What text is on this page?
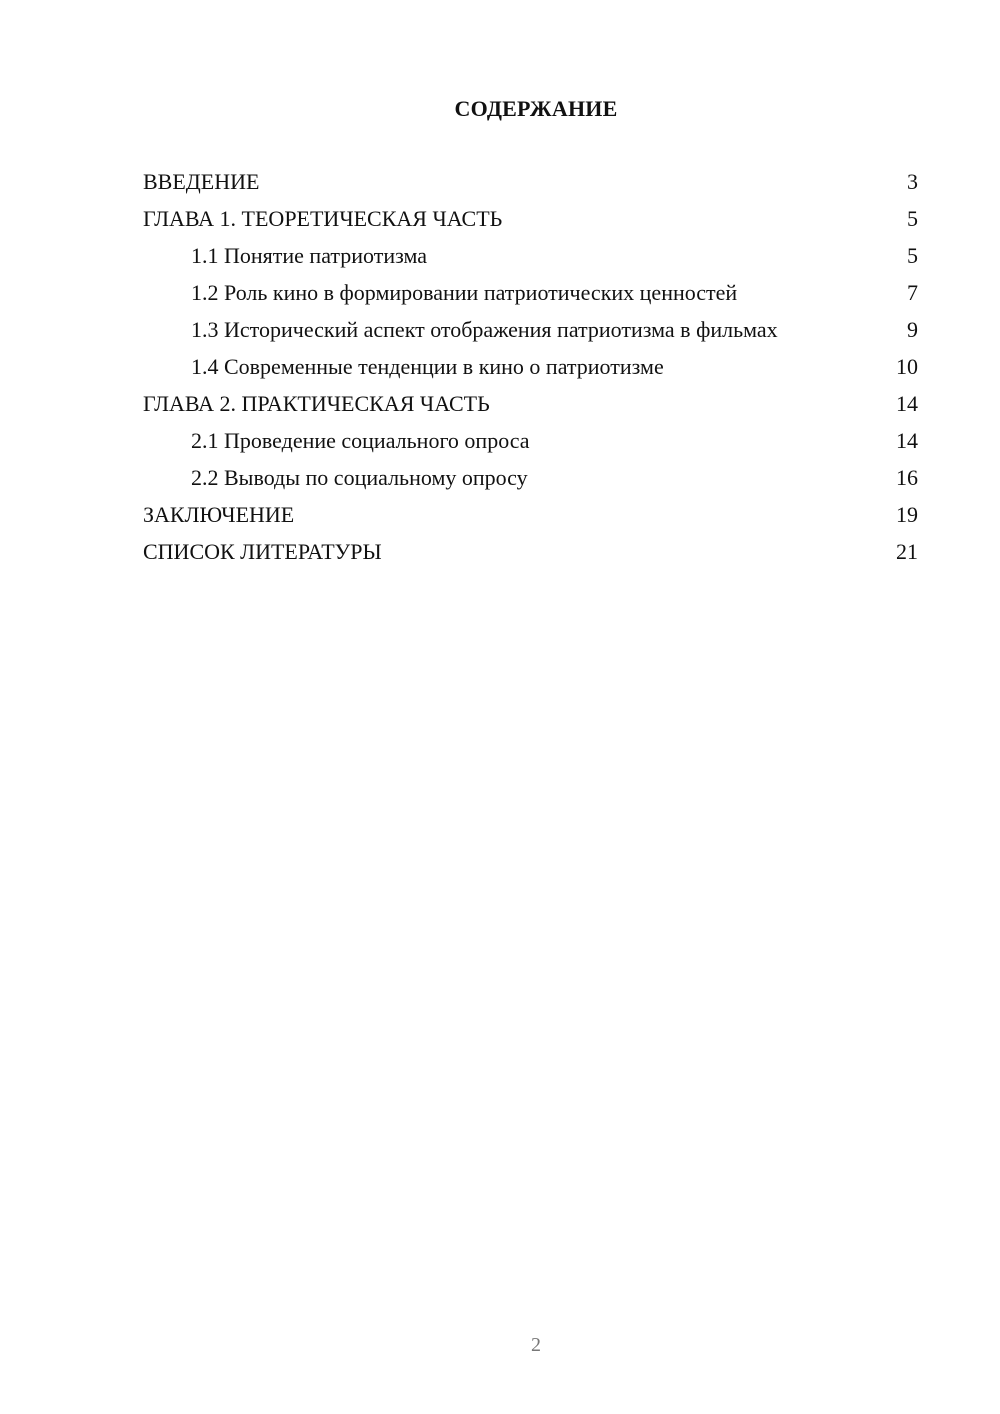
СОДЕРЖАНИЕ
ВВЕДЕНИЕ	3
ГЛАВА 1. ТЕОРЕТИЧЕСКАЯ ЧАСТЬ	5
1.1 Понятие патриотизма	5
1.2 Роль кино в формировании патриотических ценностей	7
1.3 Исторический аспект отображения патриотизма в фильмах	9
1.4 Современные тенденции в кино о патриотизме	10
ГЛАВА 2. ПРАКТИЧЕСКАЯ ЧАСТЬ	14
2.1 Проведение социального опроса	14
2.2 Выводы по социальному опросу	16
ЗАКЛЮЧЕНИЕ	19
СПИСОК ЛИТЕРАТУРЫ	21
2
